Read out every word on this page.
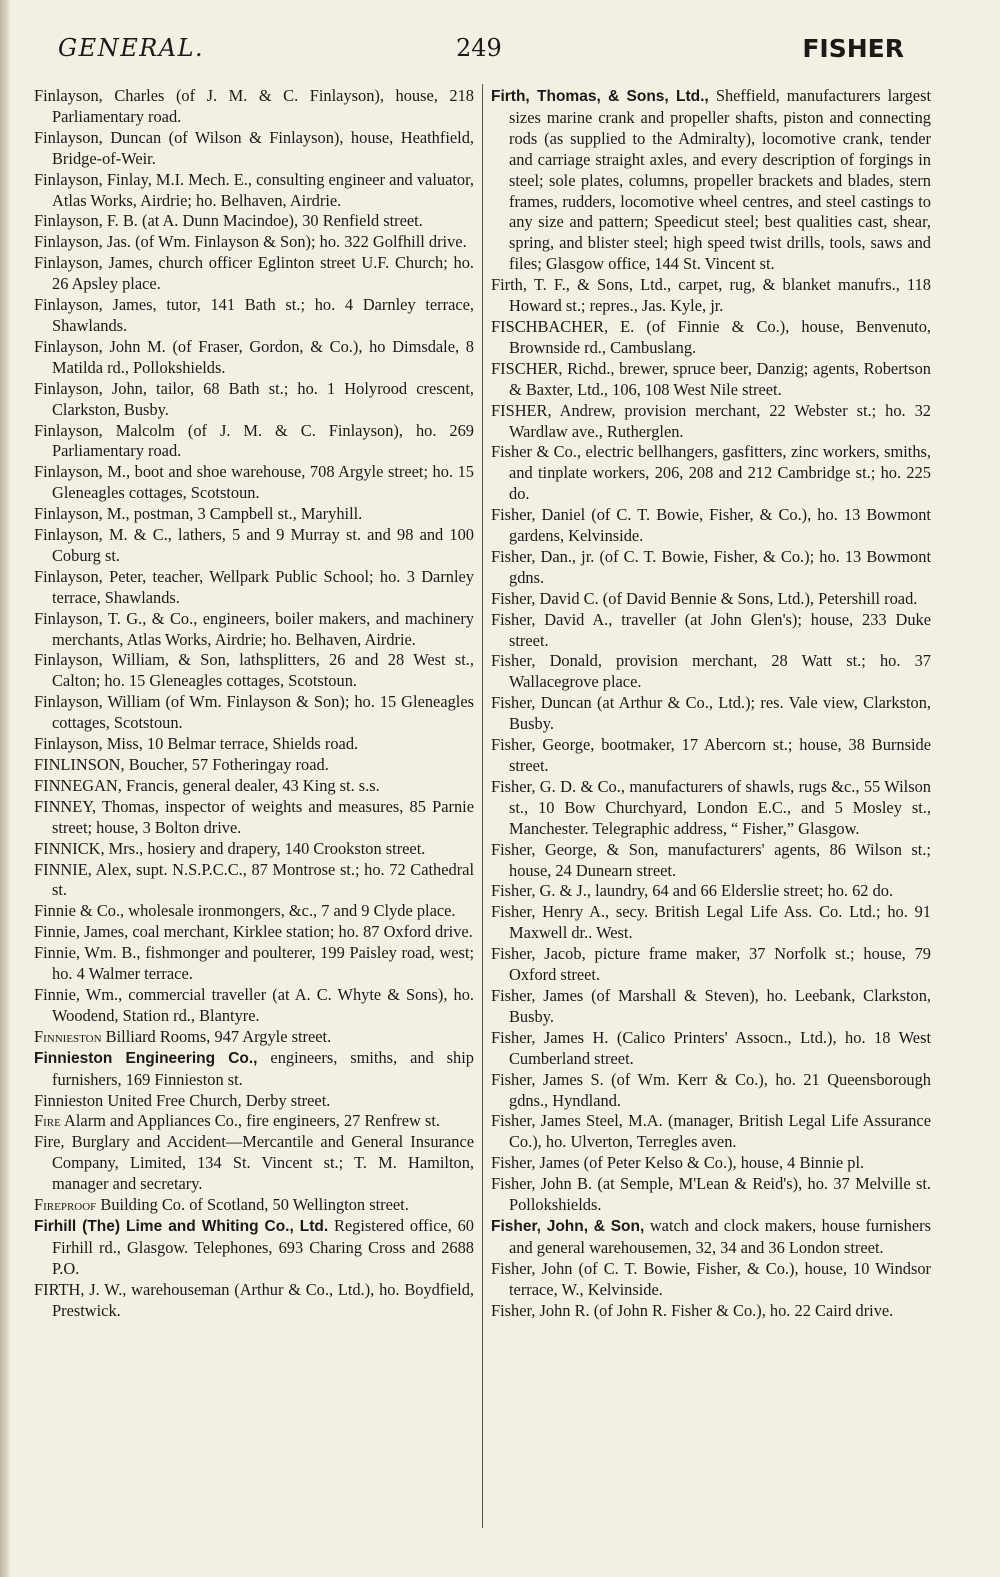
GENERAL.	249	FISHER

Finlayson, Charles (of J. M. & C. Finlayson), house, 218 Parliamentary road.

Finlayson, Duncan (of Wilson & Finlayson), house, Heathfield, Bridge-of-Weir.

Finlayson, Finlay, M.I. Mech. E., consulting engineer and valuator, Atlas Works, Airdrie; ho. Belhaven, Airdrie.

Finlayson, F. B. (at A. Dunn Macindoe), 30 Renfield street.

Finlayson, Jas. (of Wm. Finlayson & Son); ho. 322 Golfhill drive.

Finlayson, James, church officer Eglinton street U.F. Church; ho. 26 Apsley place.

Finlayson, James, tutor, 141 Bath st.; ho. 4 Darnley terrace, Shawlands.

Finlayson, John M. (of Fraser, Gordon, & Co.), ho Dimsdale, 8 Matilda rd., Pollokshields.

Finlayson, John, tailor, 68 Bath st.; ho. 1 Holyrood crescent, Clarkston, Busby.

Finlayson, Malcolm (of J. M. & C. Finlayson), ho. 269 Parliamentary road.

Finlayson, M., boot and shoe warehouse, 708 Argyle street; ho. 15 Gleneagles cottages, Scotstoun.

Finlayson, M., postman, 3 Campbell st., Maryhill.

Finlayson, M. & C., lathers, 5 and 9 Murray st. and 98 and 100 Coburg st.

Finlayson, Peter, teacher, Wellpark Public School; ho. 3 Darnley terrace, Shawlands.

Finlayson, T. G., & Co., engineers, boiler makers, and machinery merchants, Atlas Works, Airdrie; ho. Belhaven, Airdrie.

Finlayson, William, & Son, lathsplitters, 26 and 28 West st., Calton; ho. 15 Gleneagles cottages, Scotstoun.

Finlayson, William (of Wm. Finlayson & Son); ho. 15 Gleneagles cottages, Scotstoun.

Finlayson, Miss, 10 Belmar terrace, Shields road.

FINLINSON, Boucher, 57 Fotheringay road.

FINNEGAN, Francis, general dealer, 43 King st. s.s.

FINNEY, Thomas, inspector of weights and measures, 85 Parnie street; house, 3 Bolton drive.

FINNICK, Mrs., hosiery and drapery, 140 Crookston street.

FINNIE, Alex, supt. N.S.P.C.C., 87 Montrose st.; ho. 72 Cathedral st.

Finnie & Co., wholesale ironmongers, &c., 7 and 9 Clyde place.

Finnie, James, coal merchant, Kirklee station; ho. 87 Oxford drive.

Finnie, Wm. B., fishmonger and poulterer, 199 Paisley road, west; ho. 4 Walmer terrace.

Finnie, Wm., commercial traveller (at A. C. Whyte & Sons), ho. Woodend, Station rd., Blantyre.

Finnieston Billiard Rooms, 947 Argyle street.

Finnieston Engineering Co., engineers, smiths, and ship furnishers, 169 Finnieston st.

Finnieston United Free Church, Derby street.

Fire Alarm and Appliances Co., fire engineers, 27 Renfrew st.

Fire, Burglary and Accident—Mercantile and General Insurance Company, Limited, 134 St. Vincent st.; T. M. Hamilton, manager and secretary.

Fireproof Building Co. of Scotland, 50 Wellington street.

Firhill (The) Lime and Whiting Co., Ltd. Registered office, 60 Firhill rd., Glasgow. Telephones, 693 Charing Cross and 2688 P.O.

FIRTH, J. W., warehouseman (Arthur & Co., Ltd.), ho. Boydfield, Prestwick.

Firth, Thomas, & Sons, Ltd., Sheffield, manufacturers largest sizes marine crank and propeller shafts, piston and connecting rods (as supplied to the Admiralty), locomotive crank, tender and carriage straight axles, and every description of forgings in steel; sole plates, columns, propeller brackets and blades, stern frames, rudders, locomotive wheel centres, and steel castings to any size and pattern; Speedicut steel; best qualities cast, shear, spring, and blister steel; high speed twist drills, tools, saws and files; Glasgow office, 144 St. Vincent st.

Firth, T. F., & Sons, Ltd., carpet, rug, & blanket manufrs., 118 Howard st.; repres., Jas. Kyle, jr.

FISCHBACHER, E. (of Finnie & Co.), house, Benvenuto, Brownside rd., Cambuslang.

FISCHER, Richd., brewer, spruce beer, Danzig; agents, Robertson & Baxter, Ltd., 106, 108 West Nile street.

FISHER, Andrew, provision merchant, 22 Webster st.; ho. 32 Wardlaw ave., Rutherglen.

Fisher & Co., electric bellhangers, gasfitters, zinc workers, smiths, and tinplate workers, 206, 208 and 212 Cambridge st.; ho. 225 do.

Fisher, Daniel (of C. T. Bowie, Fisher, & Co.), ho. 13 Bowmont gardens, Kelvinside.

Fisher, Dan., jr. (of C. T. Bowie, Fisher, & Co.); ho. 13 Bowmont gdns.

Fisher, David C. (of David Bennie & Sons, Ltd.), Petershill road.

Fisher, David A., traveller (at John Glen's); house, 233 Duke street.

Fisher, Donald, provision merchant, 28 Watt st.; ho. 37 Wallacegrove place.

Fisher, Duncan (at Arthur & Co., Ltd.); res. Vale view, Clarkston, Busby.

Fisher, George, bootmaker, 17 Abercorn st.; house, 38 Burnside street.

Fisher, G. D. & Co., manufacturers of shawls, rugs &c., 55 Wilson st., 10 Bow Churchyard, London E.C., and 5 Mosley st., Manchester. Telegraphic address, “ Fisher,” Glasgow.

Fisher, George, & Son, manufacturers' agents, 86 Wilson st.; house, 24 Dunearn street.

Fisher, G. & J., laundry, 64 and 66 Elderslie street; ho. 62 do.

Fisher, Henry A., secy. British Legal Life Ass. Co. Ltd.; ho. 91 Maxwell dr.. West.

Fisher, Jacob, picture frame maker, 37 Norfolk st.; house, 79 Oxford street.

Fisher, James (of Marshall & Steven), ho. Leebank, Clarkston, Busby.

Fisher, James H. (Calico Printers' Assocn., Ltd.), ho. 18 West Cumberland street.

Fisher, James S. (of Wm. Kerr & Co.), ho. 21 Queensborough gdns., Hyndland.

Fisher, James Steel, M.A. (manager, British Legal Life Assurance Co.), ho. Ulverton, Terregles aven.

Fisher, James (of Peter Kelso & Co.), house, 4 Binnie pl.

Fisher, John B. (at Semple, M'Lean & Reid's), ho. 37 Melville st. Pollokshields.

Fisher, John, & Son, watch and clock makers, house furnishers and general warehousemen, 32, 34 and 36 London street.

Fisher, John (of C. T. Bowie, Fisher, & Co.), house, 10 Windsor terrace, W., Kelvinside.

Fisher, John R. (of John R. Fisher & Co.), ho. 22 Caird drive.
